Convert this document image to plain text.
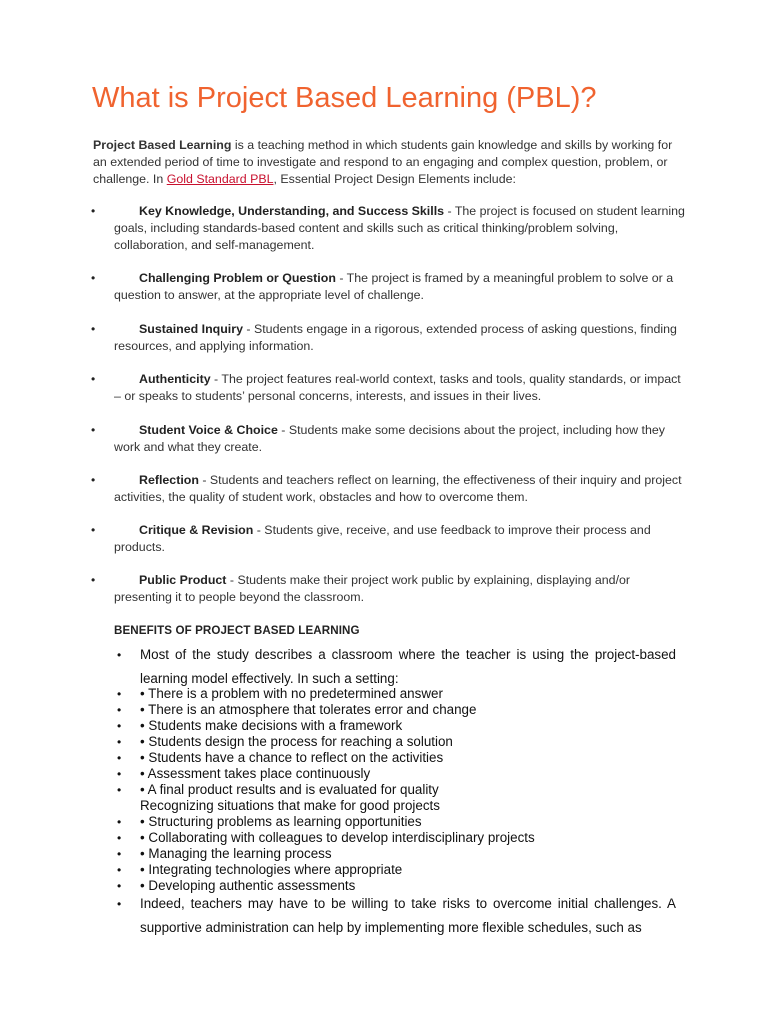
What is Project Based Learning (PBL)?

Project Based Learning is a teaching method in which students gain knowledge and skills by working for an extended period of time to investigate and respond to an engaging and complex question, problem, or challenge. In Gold Standard PBL, Essential Project Design Elements include:

• Key Knowledge, Understanding, and Success Skills - The project is focused on student learning goals, including standards-based content and skills such as critical thinking/problem solving, collaboration, and self-management.
• Challenging Problem or Question - The project is framed by a meaningful problem to solve or a question to answer, at the appropriate level of challenge.
• Sustained Inquiry - Students engage in a rigorous, extended process of asking questions, finding resources, and applying information.
• Authenticity - The project features real-world context, tasks and tools, quality standards, or impact – or speaks to students’ personal concerns, interests, and issues in their lives.
• Student Voice & Choice - Students make some decisions about the project, including how they work and what they create.
• Reflection - Students and teachers reflect on learning, the effectiveness of their inquiry and project activities, the quality of student work, obstacles and how to overcome them.
• Critique & Revision - Students give, receive, and use feedback to improve their process and products.
• Public Product - Students make their project work public by explaining, displaying and/or presenting it to people beyond the classroom.
BENEFITS OF PROJECT BASED LEARNING
• Most of the study describes a classroom where the teacher is using the project-based learning model effectively. In such a setting:
• • There is a problem with no predetermined answer
• • There is an atmosphere that tolerates error and change
• • Students make decisions with a framework
• • Students design the process for reaching a solution
• • Students have a chance to reflect on the activities
• • Assessment takes place continuously
• • A final product results and is evaluated for quality
Recognizing situations that make for good projects
• • Structuring problems as learning opportunities
• • Collaborating with colleagues to develop interdisciplinary projects
• • Managing the learning process
• • Integrating technologies where appropriate
• • Developing authentic assessments
• Indeed, teachers may have to be willing to take risks to overcome initial challenges. A supportive administration can help by implementing more flexible schedules, such as
